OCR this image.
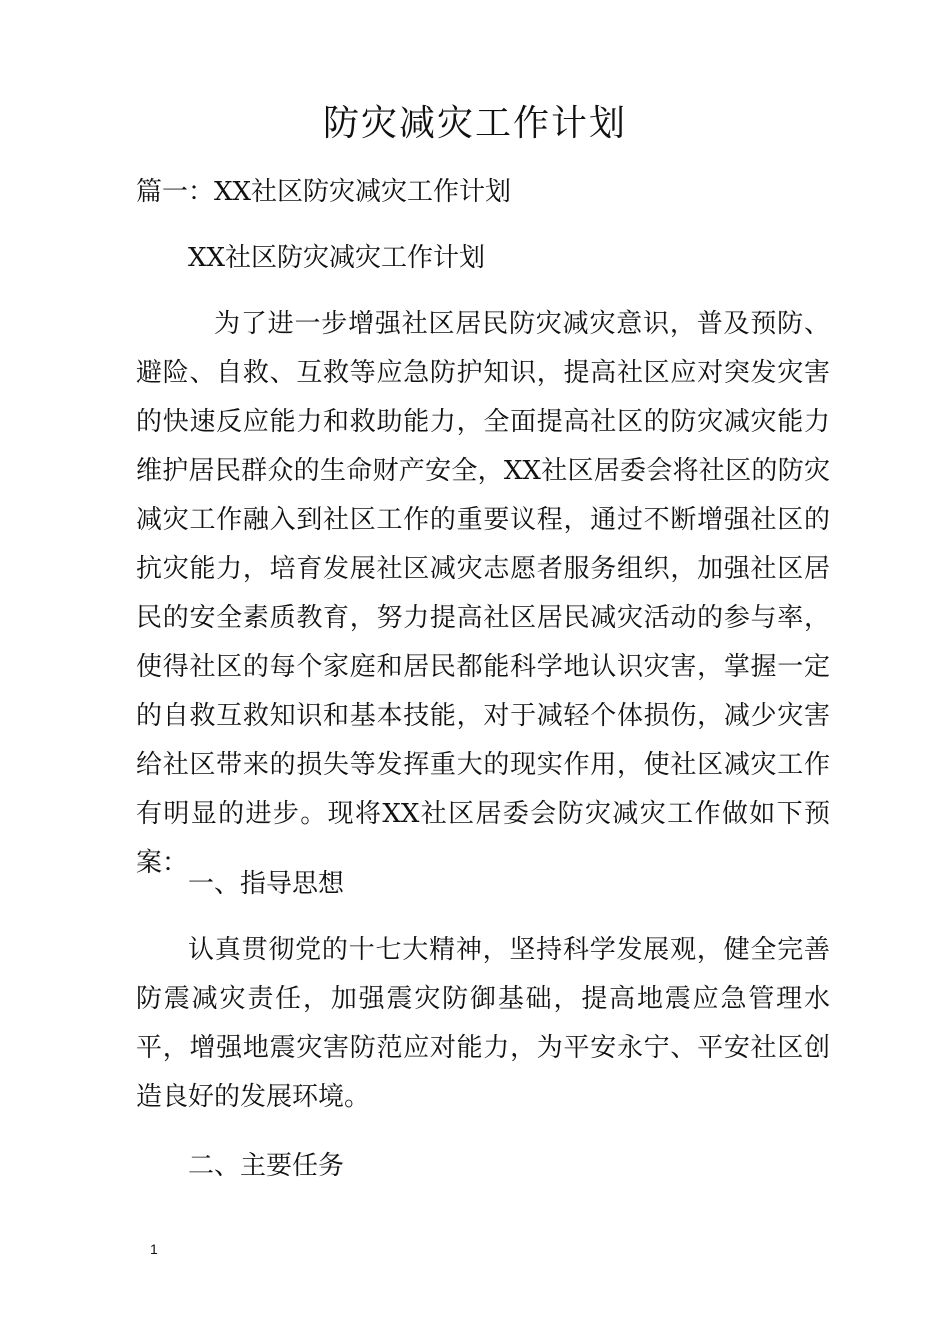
防灾减灾工作计划
篇一：XX社区防灾减灾工作计划
XX社区防灾减灾工作计划
为了进一步增强社区居民防灾减灾意识，普及预防、避险、自救、互救等应急防护知识，提高社区应对突发灾害的快速反应能力和救助能力，全面提高社区的防灾减灾能力维护居民群众的生命财产安全，XX社区居委会将社区的防灾减灾工作融入到社区工作的重要议程，通过不断增强社区的抗灾能力，培育发展社区减灾志愿者服务组织，加强社区居民的安全素质教育，努力提高社区居民减灾活动的参与率，使得社区的每个家庭和居民都能科学地认识灾害，掌握一定的自救互救知识和基本技能，对于减轻个体损伤，减少灾害给社区带来的损失等发挥重大的现实作用，使社区减灾工作有明显的进步。现将XX社区居委会防灾减灾工作做如下预案：
一、指导思想
认真贯彻党的十七大精神，坚持科学发展观，健全完善防震减灾责任，加强震灾防御基础，提高地震应急管理水平，增强地震灾害防范应对能力，为平安永宁、平安社区创造良好的发展环境。
二、主要任务
1
